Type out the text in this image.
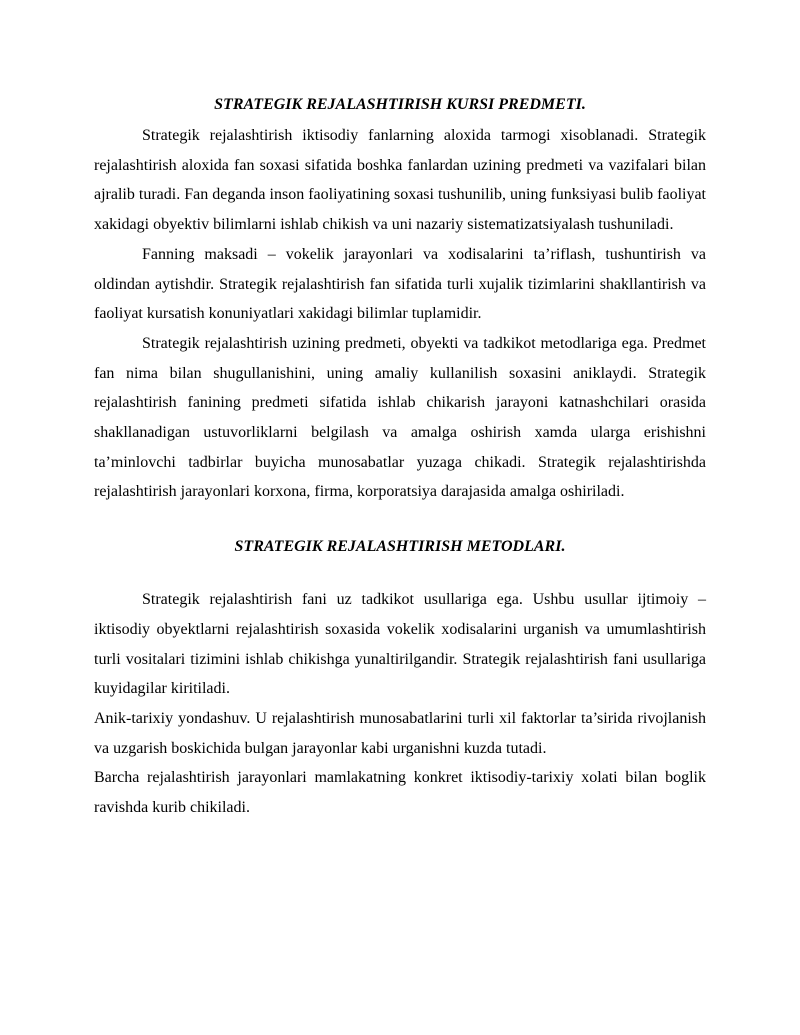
STRATEGIK REJALASHTIRISH KURSI PREDMETI.

Strategik rejalashtirish iktisodiy fanlarning aloxida tarmogi xisoblanadi. Strategik rejalashtirish aloxida fan soxasi sifatida boshka fanlardan uzining predmeti va vazifalari bilan ajralib turadi. Fan deganda inson faoliyatining soxasi tushunilib, uning funksiyasi bulib faoliyat xakidagi obyektiv bilimlarni ishlab chikish va uni nazariy sistematizatsiyalash tushuniladi.

Fanning maksadi – vokelik jarayonlari va xodisalarini ta’riflash, tushuntirish va oldindan aytishdir. Strategik rejalashtirish fan sifatida turli xujalik tizimlarini shakllantirish va faoliyat kursatish konuniyatlari xakidagi bilimlar tuplamidir.

Strategik rejalashtirish uzining predmeti, obyekti va tadkikot metodlariga ega. Predmet fan nima bilan shugullanishini, uning amaliy kullanilish soxasini aniklaydi. Strategik rejalashtirish fanining predmeti sifatida ishlab chikarish jarayoni katnashchilari orasida shakllanadigan ustuvorliklarni belgilash va amalga oshirish xamda ularga erishishni ta’minlovchi tadbirlar buyicha munosabatlar yuzaga chikadi. Strategik rejalashtirishda rejalashtirish jarayonlari korxona, firma, korporatsiya darajasida amalga oshiriladi.

STRATEGIK REJALASHTIRISH METODLARI.

Strategik rejalashtirish fani uz tadkikot usullariga ega. Ushbu usullar ijtimoiy – iktisodiy obyektlarni rejalashtirish soxasida vokelik xodisalarini urganish va umumlashtirish turli vositalari tizimini ishlab chikishga yunaltirilgandir. Strategik rejalashtirish fani usullariga kuyidagilar kiritiladi.

Anik-tarixiy yondashuv. U rejalashtirish munosabatlarini turli xil faktorlar ta’sirida rivojlanish va uzgarish boskichida bulgan jarayonlar kabi urganishni kuzda tutadi.

Barcha rejalashtirish jarayonlari mamlakatning konkret iktisodiy-tarixiy xolati bilan boglik ravishda kurib chikiladi.
